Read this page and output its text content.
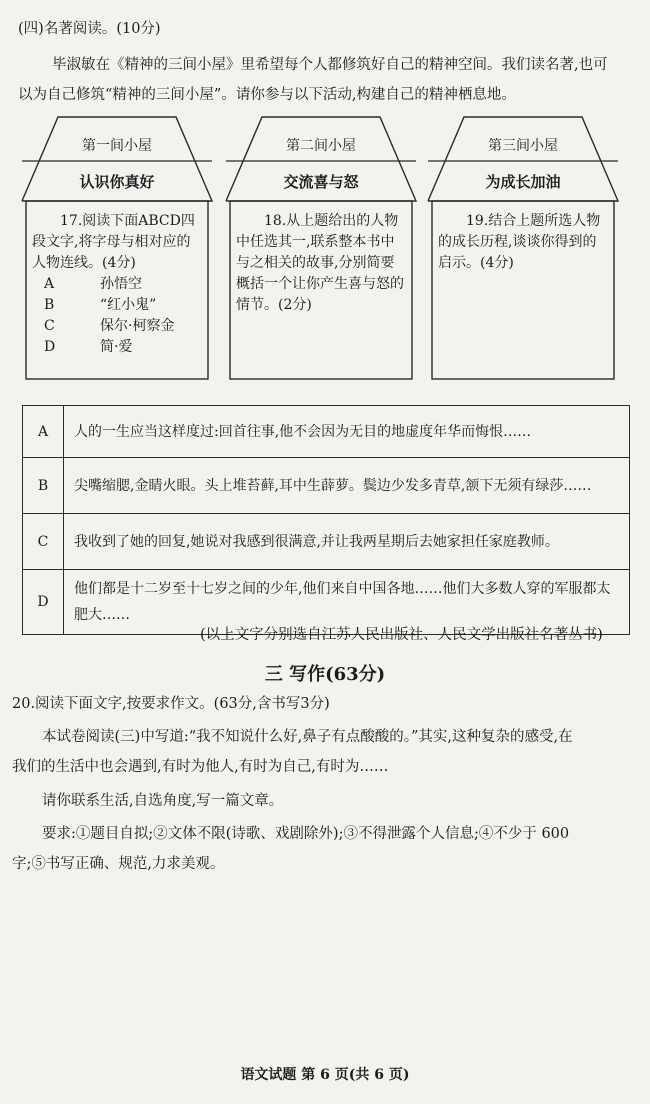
(四)名著阅读。(10分)
毕淑敏在《精神的三间小屋》里希望每个人都修筑好自己的精神空间。我们读名著,也可
以为自己修筑“精神的三间小屋”。请你参与以下活动,构建自己的精神栖息地。
第一间小屋
认识你真好
17.阅读下面ABCD四段文字,将字母与相对应的人物连线。(4分)
A	孙悟空
B	“红小鬼”
C	保尔·柯察金
D	简·爱
第二间小屋
交流喜与怒
18.从上题给出的人物中任选其一,联系整本书中与之相关的故事,分别简要概括一个让你产生喜与怒的情节。(2分)
第三间小屋
为成长加油
19.结合上题所选人物的成长历程,谈谈你得到的启示。(4分)
A	人的一生应当这样度过:回首往事,他不会因为无目的地虚度年华而悔恨……
B	尖嘴缩腮,金睛火眼。头上堆苔藓,耳中生薜萝。鬓边少发多青草,颔下无须有绿莎……
C	我收到了她的回复,她说对我感到很满意,并让我两星期后去她家担任家庭教师。
D	他们都是十二岁至十七岁之间的少年,他们来自中国各地……他们大多数人穿的军服都太肥大……
(以上文字分别选自江苏人民出版社、人民文学出版社名著丛书)
三 写作(63分)
20.阅读下面文字,按要求作文。(63分,含书写3分)
本试卷阅读(三)中写道:“我不知说什么好,鼻子有点酸酸的。”其实,这种复杂的感受,在
我们的生活中也会遇到,有时为他人,有时为自己,有时为……
请你联系生活,自选角度,写一篇文章。
要求:①题目自拟;②文体不限(诗歌、戏剧除外);③不得泄露个人信息;④不少于 600
字;⑤书写正确、规范,力求美观。
语文试题 第 6 页(共 6 页)
